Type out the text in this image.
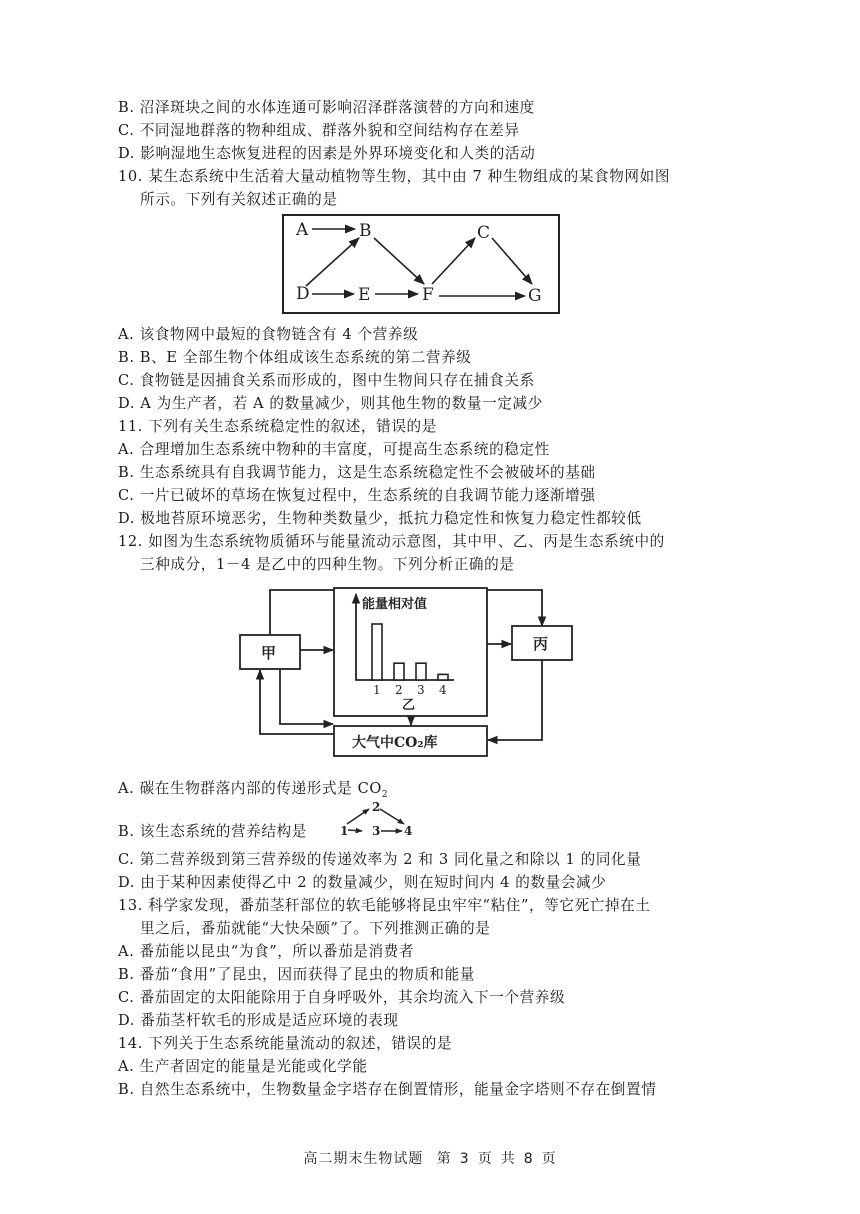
B. 沼泽斑块之间的水体连通可影响沼泽群落演替的方向和速度
C. 不同湿地群落的物种组成、群落外貌和空间结构存在差异
D. 影响湿地生态恢复进程的因素是外界环境变化和人类的活动
10. 某生态系统中生活着大量动植物等生物，其中由 7 种生物组成的某食物网如图
所示。下列有关叙述正确的是
A	B	C
D	E	F	G
A. 该食物网中最短的食物链含有 4 个营养级
B. B、E 全部生物个体组成该生态系统的第二营养级
C. 食物链是因捕食关系而形成的，图中生物间只存在捕食关系
D. A 为生产者，若 A 的数量减少，则其他生物的数量一定减少
11. 下列有关生态系统稳定性的叙述，错误的是
A. 合理增加生态系统中物种的丰富度，可提高生态系统的稳定性
B. 生态系统具有自我调节能力，这是生态系统稳定性不会被破坏的基础
C. 一片已破坏的草场在恢复过程中，生态系统的自我调节能力逐渐增强
D. 极地苔原环境恶劣，生物种类数量少，抵抗力稳定性和恢复力稳定性都较低
12. 如图为生态系统物质循环与能量流动示意图，其中甲、乙、丙是生态系统中的
三种成分，1－4 是乙中的四种生物。下列分析正确的是
甲	丙
能量相对值
乙
大气中CO₂库
1 2 3 4
A. 碳在生物群落内部的传递形式是 $CO_2$
B. 该生态系统的营养结构是
2
1 3 4
C. 第二营养级到第三营养级的传递效率为 2 和 3 同化量之和除以 1 的同化量
D. 由于某种因素使得乙中 2 的数量减少，则在短时间内 4 的数量会减少
13. 科学家发现，番茄茎秆部位的软毛能够将昆虫牢牢“粘住”，等它死亡掉在土
里之后，番茄就能“大快朵颐”了。下列推测正确的是
A. 番茄能以昆虫“为食”，所以番茄是消费者
B. 番茄“食用”了昆虫，因而获得了昆虫的物质和能量
C. 番茄固定的太阳能除用于自身呼吸外，其余均流入下一个营养级
D. 番茄茎杆软毛的形成是适应环境的表现
14. 下列关于生态系统能量流动的叙述，错误的是
A. 生产者固定的能量是光能或化学能
B. 自然生态系统中，生物数量金字塔存在倒置情形，能量金字塔则不存在倒置情
高二期末生物试题 第 3 页 共 8 页
